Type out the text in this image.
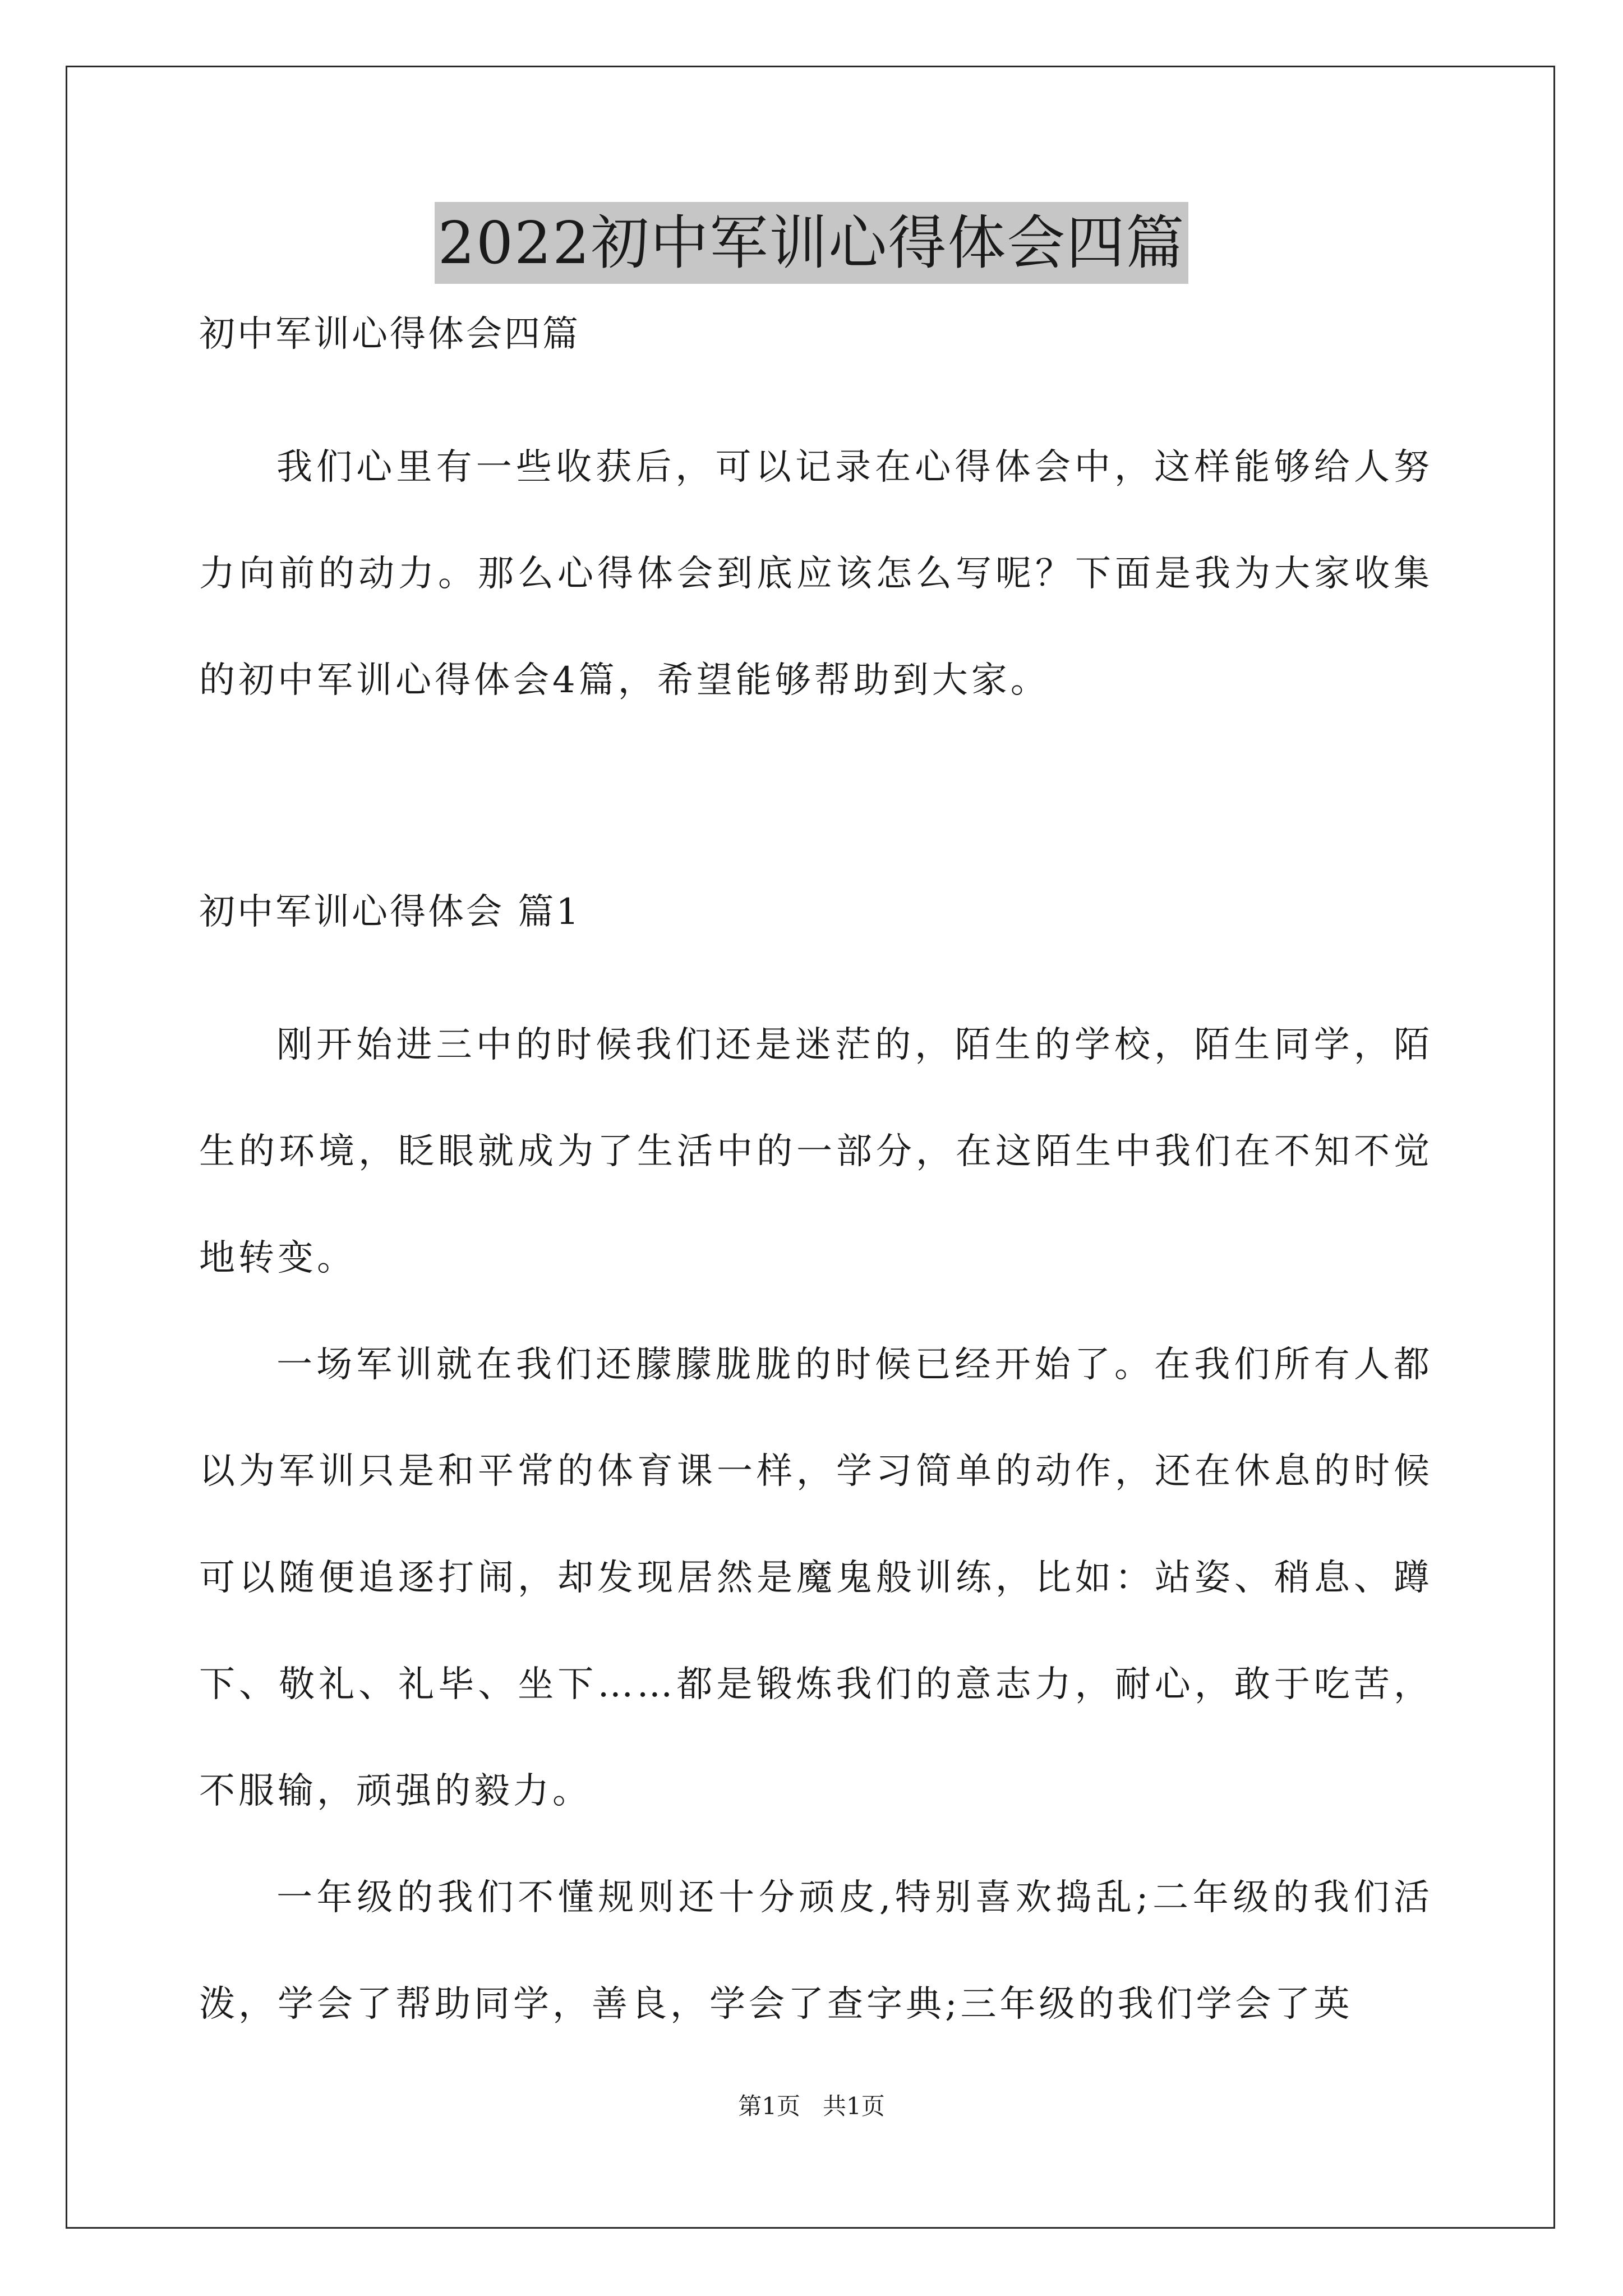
2022初中军训心得体会四篇
初中军训心得体会四篇

我们心里有一些收获后，可以记录在心得体会中，这样能够给人努力向前的动力。那么心得体会到底应该怎么写呢？下面是我为大家收集的初中军训心得体会4篇，希望能够帮助到大家。

初中军训心得体会 篇1

刚开始进三中的时候我们还是迷茫的，陌生的学校，陌生同学，陌生的环境，眨眼就成为了生活中的一部分，在这陌生中我们在不知不觉地转变。

一场军训就在我们还朦朦胧胧的时候已经开始了。在我们所有人都以为军训只是和平常的体育课一样，学习简单的动作，还在休息的时候可以随便追逐打闹，却发现居然是魔鬼般训练，比如：站姿、稍息、蹲下、敬礼、礼毕、坐下……都是锻炼我们的意志力，耐心，敢于吃苦，不服输，顽强的毅力。

一年级的我们不懂规则还十分顽皮,特别喜欢捣乱;二年级的我们活泼，学会了帮助同学，善良，学会了查字典;三年级的我们学会了英

第1页   共1页
